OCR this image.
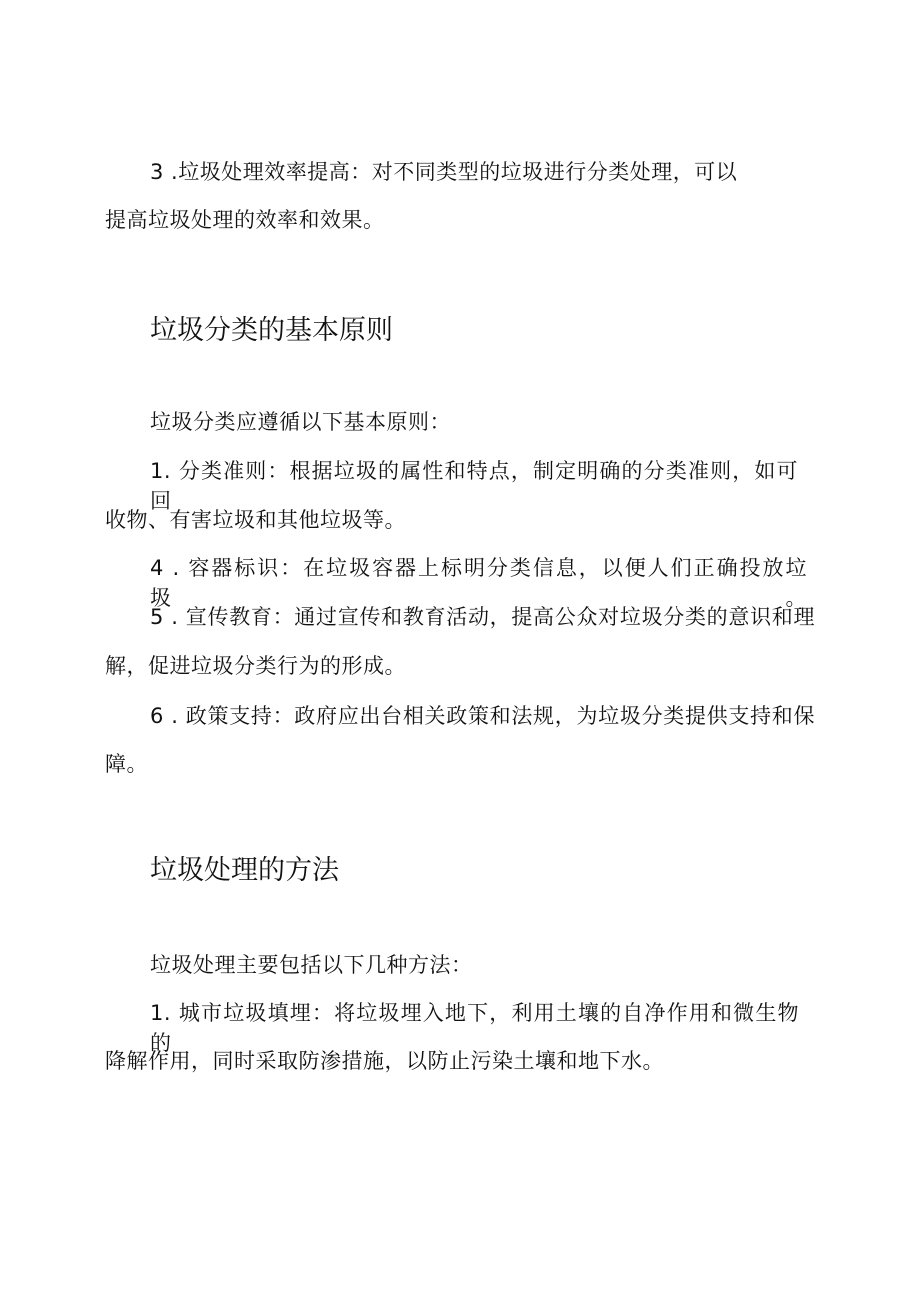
3 .垃圾处理效率提高：对不同类型的垃圾进行分类处理，可以
提高垃圾处理的效率和效果。
垃圾分类的基本原则
垃圾分类应遵循以下基本原则：
1. 分类准则：根据垃圾的属性和特点，制定明确的分类准则，如可回
收物、有害垃圾和其他垃圾等。
4 . 容器标识：在垃圾容器上标明分类信息，以便人们正确投放垃圾。
5 . 宣传教育：通过宣传和教育活动，提高公众对垃圾分类的意识和理
解，促进垃圾分类行为的形成。
6 . 政策支持：政府应出台相关政策和法规，为垃圾分类提供支持和保
障。
垃圾处理的方法
垃圾处理主要包括以下几种方法：
1. 城市垃圾填埋：将垃圾埋入地下，利用土壤的自净作用和微生物的
降解作用，同时采取防渗措施，以防止污染土壤和地下水。
